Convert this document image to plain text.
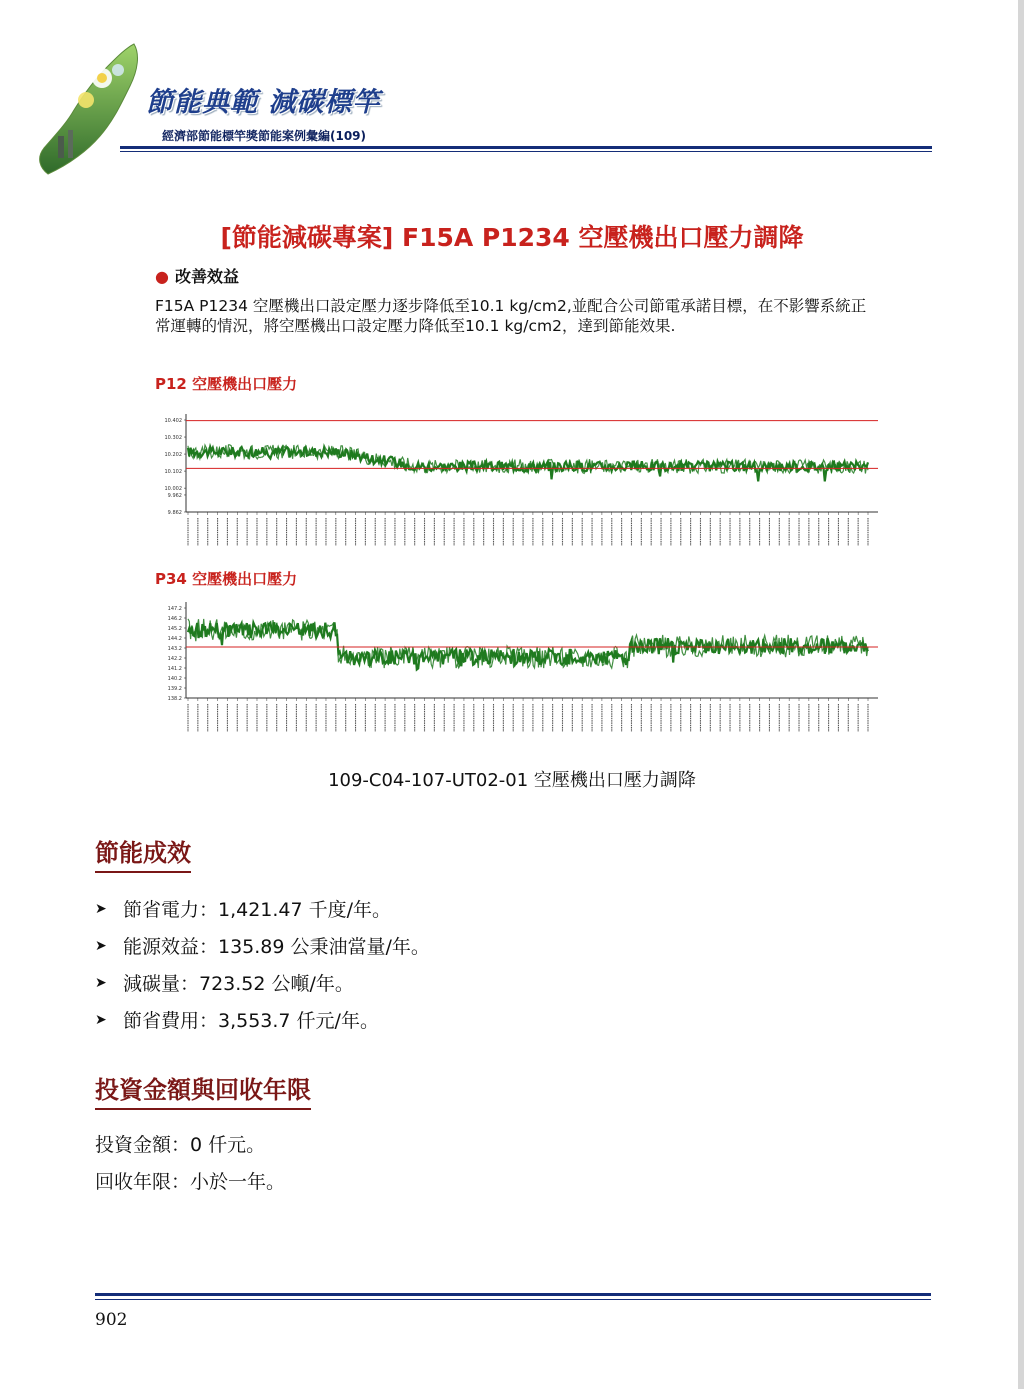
節能典範 減碳標竿
經濟部節能標竿獎節能案例彙編(109)
[節能減碳專案] F15A P1234 空壓機出口壓力調降
● 改善效益
F15A P1234 空壓機出口設定壓力逐步降低至10.1 kg/cm2,並配合公司節電承諾目標，在不影響系統正常運轉的情況，將空壓機出口設定壓力降低至10.1 kg/cm2，達到節能效果.
P12 空壓機出口壓力
10.402
10.302
10.202
10.102
10.002
9.962
9.862
P34 空壓機出口壓力
147.2
146.2
145.2
144.2
143.2
142.2
141.2
140.2
139.2
138.2
109-C04-107-UT02-01 空壓機出口壓力調降
節能成效
➤ 節省電力：1,421.47 千度/年。
➤ 能源效益：135.89 公秉油當量/年。
➤ 減碳量：723.52 公噸/年。
➤ 節省費用：3,553.7 仟元/年。
投資金額與回收年限
投資金額：0 仟元。
回收年限：小於一年。
902
